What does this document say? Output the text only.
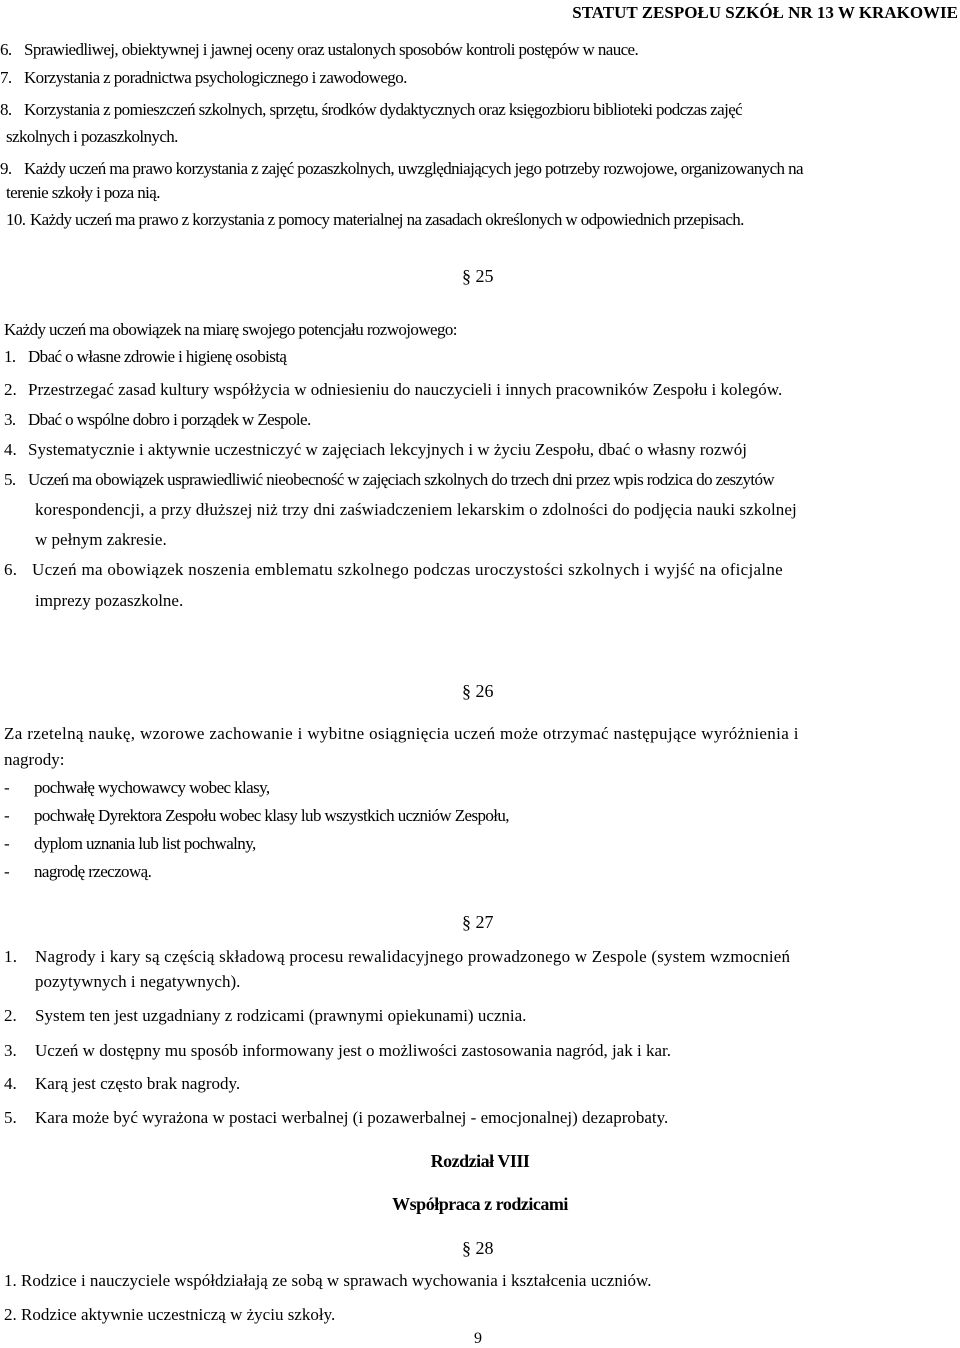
STATUT ZESPOŁU SZKÓŁ NR 13 W KRAKOWIE
6. Sprawiedliwej, obiektywnej i jawnej oceny oraz ustalonych sposobów kontroli postępów w nauce.
7. Korzystania z poradnictwa psychologicznego i zawodowego.
8. Korzystania z pomieszczeń szkolnych, sprzętu, środków dydaktycznych oraz księgozbioru biblioteki podczas zajęć
szkolnych i pozaszkolnych.
9. Każdy uczeń ma prawo korzystania z zajęć pozaszkolnych, uwzględniających jego potrzeby rozwojowe, organizowanych na
terenie szkoły i poza nią.
10. Każdy uczeń ma prawo z korzystania z pomocy materialnej na zasadach określonych w odpowiednich przepisach.
§ 25
Każdy uczeń ma obowiązek na miarę swojego potencjału rozwojowego:
1. Dbać o własne zdrowie i higienę osobistą
2. Przestrzegać zasad kultury współżycia w odniesieniu do nauczycieli i innych pracowników Zespołu i kolegów.
3. Dbać o wspólne dobro i porządek w Zespole.
4. Systematycznie i aktywnie uczestniczyć w zajęciach lekcyjnych i w życiu Zespołu, dbać o własny rozwój
5. Uczeń ma obowiązek usprawiedliwić nieobecność w zajęciach szkolnych do trzech dni przez wpis rodzica do zeszytów
korespondencji, a przy dłuższej niż trzy dni zaświadczeniem lekarskim o zdolności do podjęcia nauki szkolnej
w pełnym zakresie.
6. Uczeń ma obowiązek noszenia emblematu szkolnego podczas uroczystości szkolnych i wyjść na oficjalne
imprezy pozaszkolne.
§ 26
Za rzetelną naukę, wzorowe zachowanie i wybitne osiągnięcia uczeń może otrzymać następujące wyróżnienia i
nagrody:
- pochwałę wychowawcy wobec klasy,
- pochwałę Dyrektora Zespołu wobec klasy lub wszystkich uczniów Zespołu,
- dyplom uznania lub list pochwalny,
- nagrodę rzeczową.
§ 27
1. Nagrody i kary są częścią składową procesu rewalidacyjnego prowadzonego w Zespole (system wzmocnień
pozytywnych i negatywnych).
2. System ten jest uzgadniany z rodzicami (prawnymi opiekunami) ucznia.
3. Uczeń w dostępny mu sposób informowany jest o możliwości zastosowania nagród, jak i kar.
4. Karą jest często brak nagrody.
5. Kara może być wyrażona w postaci werbalnej (i pozawerbalnej - emocjonalnej) dezaprobaty.
Rozdział VIII
Współpraca z rodzicami
§ 28
1. Rodzice i nauczyciele współdziałają ze sobą w sprawach wychowania i kształcenia uczniów.
2. Rodzice aktywnie uczestniczą w życiu szkoły.
9
